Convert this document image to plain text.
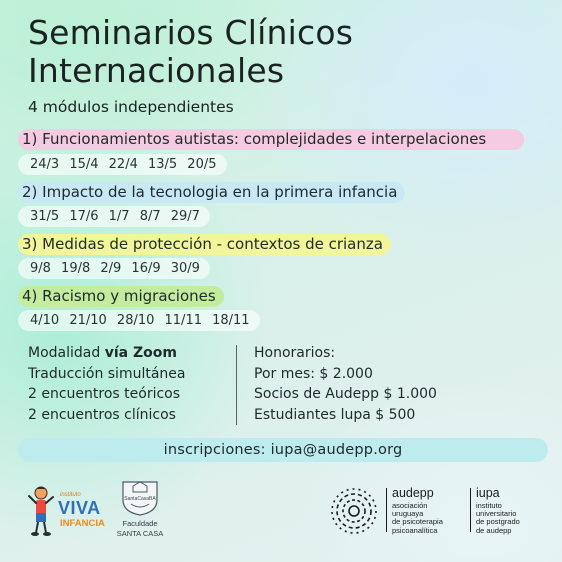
Seminarios Clínicos
Internacionales
4 módulos independientes
1) Funcionamientos autistas: complejidades e interpelaciones
24/3 15/4 22/4 13/5 20/5
2) Impacto de la tecnologia en la primera infancia
31/5 17/6 1/7 8/7 29/7
3) Medidas de protección - contextos de crianza
9/8 19/8 2/9 16/9 30/9
4) Racismo y migraciones
4/10 21/10 28/10 11/11 18/11
Modalidad vía Zoom
Traducción simultánea
2 encuentros teóricos
2 encuentros clínicos
Honorarios:
Por mes: $ 2.000
Socios de Audepp $ 1.000
Estudiantes lupa $ 500
inscripciones: iupa@audepp.org
instituto
VIVA
INFANCIA
SantaCasaBA
Faculdade
SANTA CASA
audepp
asociación
uruguaya
de psicoterapia
psicoanalítica
iupa
instituto
universitario
de postgrado
de audepp
